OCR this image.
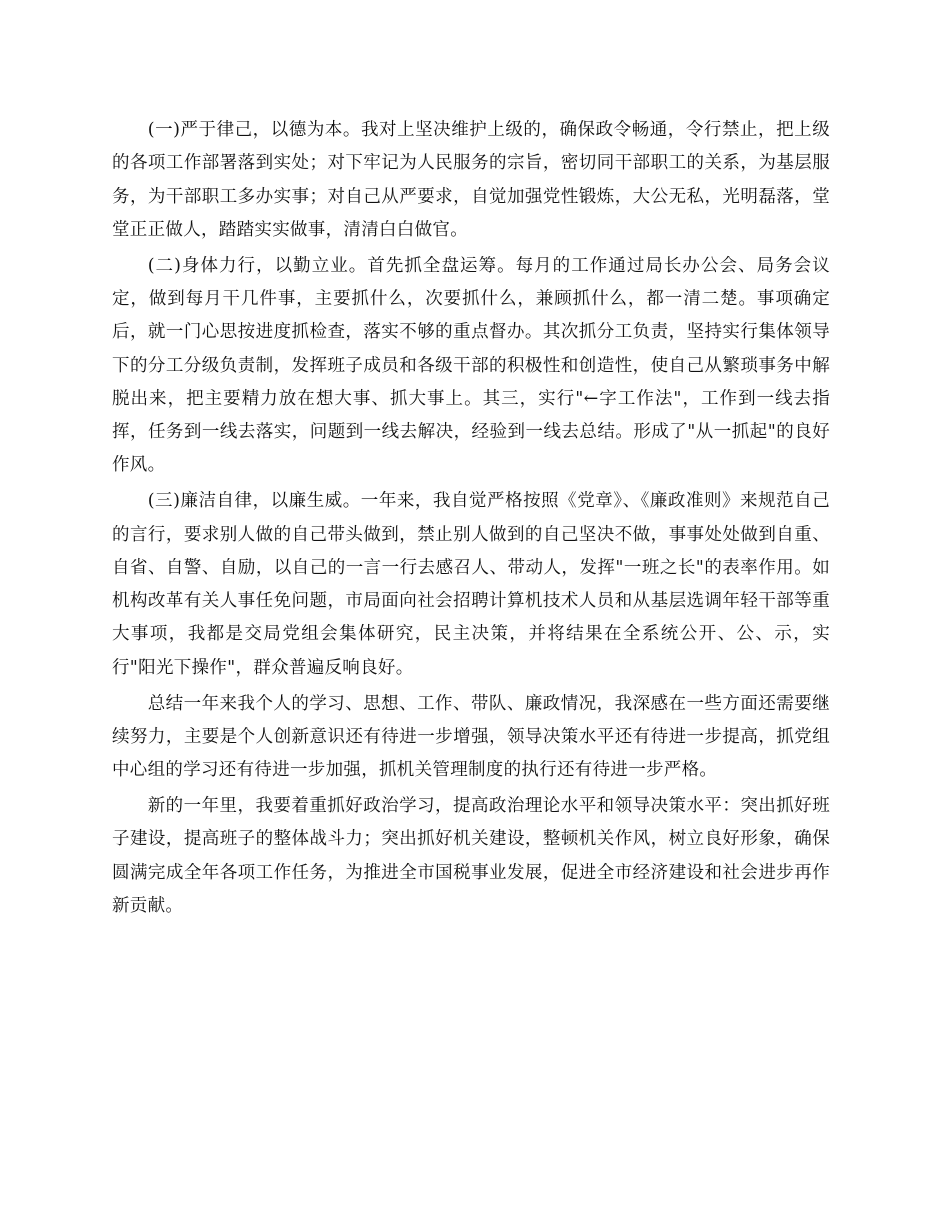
(一)严于律己，以德为本。我对上坚决维护上级的，确保政令畅通，令行禁止，把上级的各项工作部署落到实处；对下牢记为人民服务的宗旨，密切同干部职工的关系，为基层服务，为干部职工多办实事；对自己从严要求，自觉加强党性锻炼，大公无私，光明磊落，堂堂正正做人，踏踏实实做事，清清白白做官。

(二)身体力行，以勤立业。首先抓全盘运筹。每月的工作通过局长办公会、局务会议定，做到每月干几件事，主要抓什么，次要抓什么，兼顾抓什么，都一清二楚。事项确定后，就一门心思按进度抓检查，落实不够的重点督办。其次抓分工负责，坚持实行集体领导下的分工分级负责制，发挥班子成员和各级干部的积极性和创造性，使自己从繁琐事务中解脱出来，把主要精力放在想大事、抓大事上。其三，实行"←字工作法"，工作到一线去指挥，任务到一线去落实，问题到一线去解决，经验到一线去总结。形成了"从一抓起"的良好作风。

(三)廉洁自律，以廉生威。一年来，我自觉严格按照《党章》、《廉政准则》来规范自己的言行，要求别人做的自己带头做到，禁止别人做到的自己坚决不做，事事处处做到自重、自省、自警、自励，以自己的一言一行去感召人、带动人，发挥"一班之长"的表率作用。如机构改革有关人事任免问题，市局面向社会招聘计算机技术人员和从基层选调年轻干部等重大事项，我都是交局党组会集体研究，民主决策，并将结果在全系统公开、公、示，实行"阳光下操作"，群众普遍反响良好。

总结一年来我个人的学习、思想、工作、带队、廉政情况，我深感在一些方面还需要继续努力，主要是个人创新意识还有待进一步增强，领导决策水平还有待进一步提高，抓党组中心组的学习还有待进一步加强，抓机关管理制度的执行还有待进一步严格。

新的一年里，我要着重抓好政治学习，提高政治理论水平和领导决策水平：突出抓好班子建设，提高班子的整体战斗力；突出抓好机关建设，整顿机关作风，树立良好形象，确保圆满完成全年各项工作任务，为推进全市国税事业发展，促进全市经济建设和社会进步再作新贡献。
